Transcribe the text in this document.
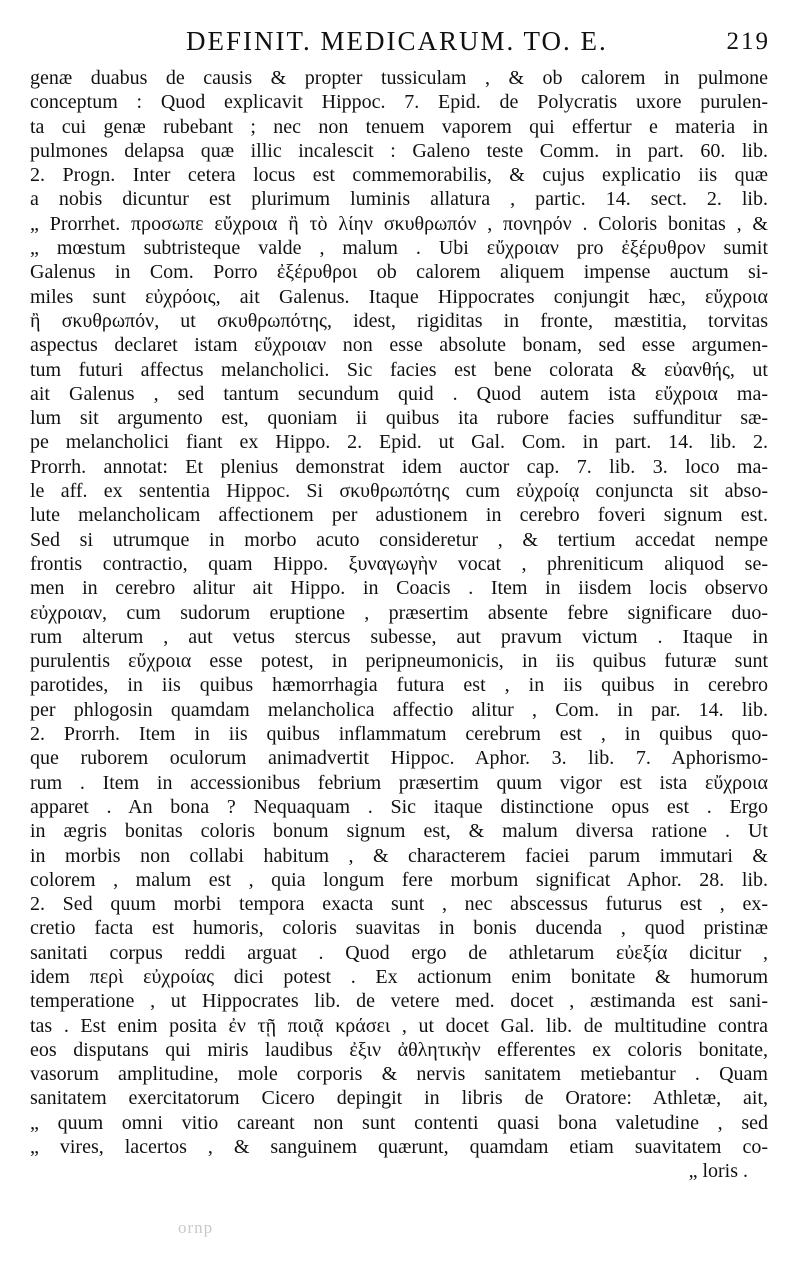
DEFINIT. MEDICARUM. TO. E.	219
genæ duabus de causis & propter tussiculam , & ob calorem in pulmone
conceptum : Quod explicavit Hippoc. 7. Epid. de Polycratis uxore purulen-
ta cui genæ rubebant ; nec non tenuem vaporem qui effertur e materia in
pulmones delapsa quæ illic incalescit : Galeno teste Comm. in part. 60. lib.
2. Progn. Inter cetera locus est commemorabilis, & cujus explicatio iis quæ
a nobis dicuntur est plurimum luminis allatura , partic. 14. sect. 2. lib.
„ Prorrhet. προσωπε εὔχροια ἢ τὸ λίην σκυθρωπόν , πονηρόν . Coloris bonitas , &
„ mœstum subtristeque valde , malum . Ubi εὔχροιαν pro ἐξέρυθρον sumit
Galenus in Com. Porro ἐξέρυθροι ob calorem aliquem impense auctum si-
miles sunt εὐχρόοις, ait Galenus. Itaque Hippocrates conjungit hæc, εὔχροια
ἢ σκυθρωπόν, ut σκυθρωπότης, idest, rigiditas in fronte, mæstitia, torvitas
aspectus declaret istam εὔχροιαν non esse absolute bonam, sed esse argumen-
tum futuri affectus melancholici. Sic facies est bene colorata & εὐανθής, ut
ait Galenus , sed tantum secundum quid . Quod autem ista εὔχροια ma-
lum sit argumento est, quoniam ii quibus ita rubore facies suffunditur sæ-
pe melancholici fiant ex Hippo. 2. Epid. ut Gal. Com. in part. 14. lib. 2.
Prorrh. annotat: Et plenius demonstrat idem auctor cap. 7. lib. 3. loco ma-
le aff. ex sententia Hippoc. Si σκυθρωπότης cum εὐχροίᾳ conjuncta sit abso-
lute melancholicam affectionem per adustionem in cerebro foveri signum est.
Sed si utrumque in morbo acuto consideretur , & tertium accedat nempe
frontis contractio, quam Hippo. ξυναγωγὴν vocat , phreniticum aliquod se-
men in cerebro alitur ait Hippo. in Coacis . Item in iisdem locis observo
εὐχροιαν, cum sudorum eruptione , præsertim absente febre significare duo-
rum alterum , aut vetus stercus subesse, aut pravum victum . Itaque in
purulentis εὔχροια esse potest, in peripneumonicis, in iis quibus futuræ sunt
parotides, in iis quibus hæmorrhagia futura est , in iis quibus in cerebro
per phlogosin quamdam melancholica affectio alitur , Com. in par. 14. lib.
2. Prorrh. Item in iis quibus inflammatum cerebrum est , in quibus quo-
que ruborem oculorum animadvertit Hippoc. Aphor. 3. lib. 7. Aphorismo-
rum . Item in accessionibus febrium præsertim quum vigor est ista εὔχροια
apparet . An bona ? Nequaquam . Sic itaque distinctione opus est . Ergo
in ægris bonitas coloris bonum signum est, & malum diversa ratione . Ut
in morbis non collabi habitum , & characterem faciei parum immutari &
colorem , malum est , quia longum fere morbum significat Aphor. 28. lib.
2. Sed quum morbi tempora exacta sunt , nec abscessus futurus est , ex-
cretio facta est humoris, coloris suavitas in bonis ducenda , quod pristinæ
sanitati corpus reddi arguat . Quod ergo de athletarum εὐεξία dicitur ,
idem περὶ εὐχροίας dici potest . Ex actionum enim bonitate & humorum
temperatione , ut Hippocrates lib. de vetere med. docet , æstimanda est sani-
tas . Est enim posita ἐν τῇ ποιᾷ κράσει , ut docet Gal. lib. de multitudine contra
eos disputans qui miris laudibus ἐξιν ἀθλητικὴν efferentes ex coloris bonitate,
vasorum amplitudine, mole corporis & nervis sanitatem metiebantur . Quam
sanitatem exercitatorum Cicero depingit in libris de Oratore: Athletæ, ait,
„ quum omni vitio careant non sunt contenti quasi bona valetudine , sed
„ vires, lacertos , & sanguinem quærunt, quamdam etiam suavitatem co-
„ loris .
ornp
